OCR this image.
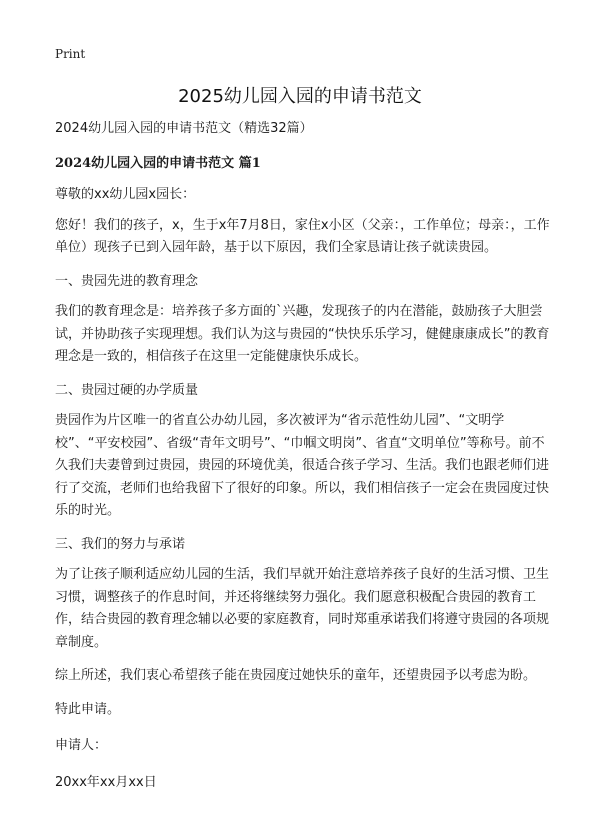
Print
2025幼儿园入园的申请书范文

2024幼儿园入园的申请书范文（精选32篇）

2024幼儿园入园的申请书范文 篇1

尊敬的xx幼儿园x园长：

您好！我们的孩子，x，生于x年7月8日，家住x小区（父亲：，工作单位；母亲：，工作单位）现孩子已到入园年龄，基于以下原因，我们全家恳请让孩子就读贵园。

一、贵园先进的教育理念

我们的教育理念是：培养孩子多方面的`兴趣，发现孩子的内在潜能，鼓励孩子大胆尝试，并协助孩子实现理想。我们认为这与贵园的“快快乐乐学习，健健康康成长”的教育理念是一致的，相信孩子在这里一定能健康快乐成长。

二、贵园过硬的办学质量

贵园作为片区唯一的省直公办幼儿园，多次被评为“省示范性幼儿园”、“文明学校”、“平安校园”、省级“青年文明号”、“巾帼文明岗”、省直“文明单位”等称号。前不久我们夫妻曾到过贵园，贵园的环境优美，很适合孩子学习、生活。我们也跟老师们进行了交流，老师们也给我留下了很好的印象。所以，我们相信孩子一定会在贵园度过快乐的时光。

三、我们的努力与承诺

为了让孩子顺利适应幼儿园的生活，我们早就开始注意培养孩子良好的生活习惯、卫生习惯，调整孩子的作息时间，并还将继续努力强化。我们愿意积极配合贵园的教育工作，结合贵园的教育理念辅以必要的家庭教育，同时郑重承诺我们将遵守贵园的各项规章制度。

综上所述，我们衷心希望孩子能在贵园度过她快乐的童年，还望贵园予以考虑为盼。

特此申请。

申请人：

20xx年xx月xx日
